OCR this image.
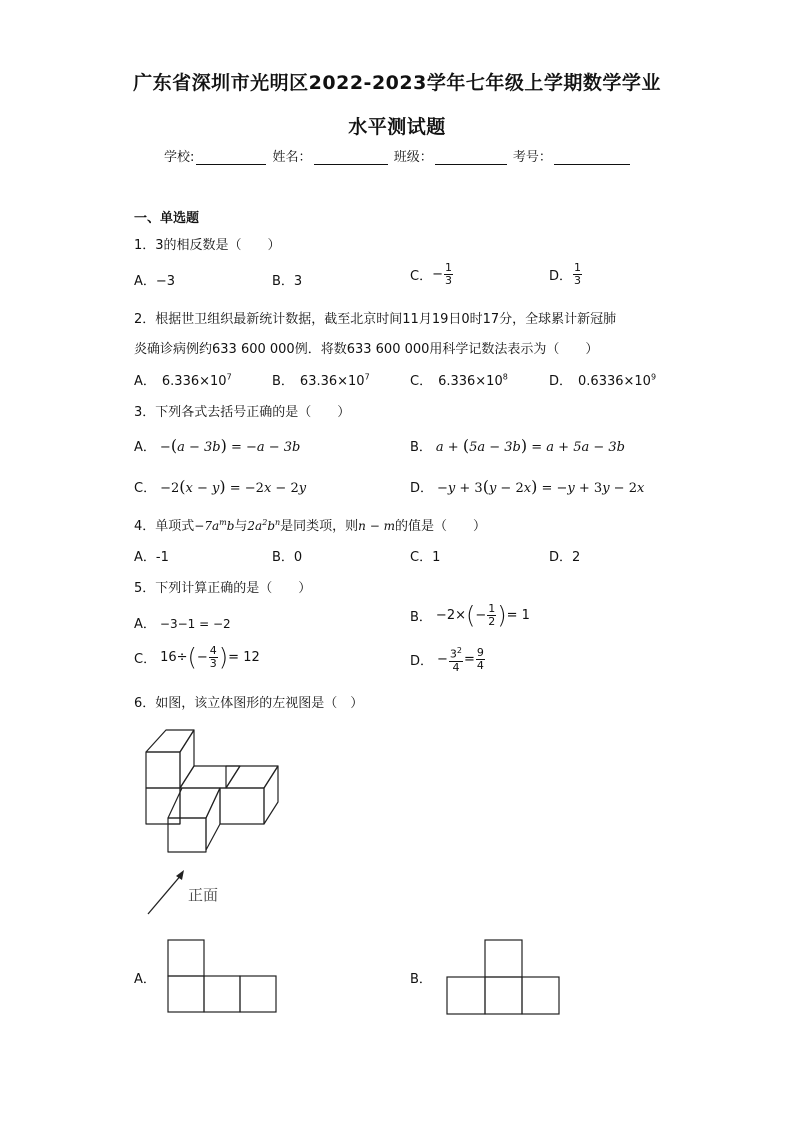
广东省深圳市光明区2022-2023学年七年级上学期数学学业
水平测试题
学校:	姓名：	班级：	考号：
一、单选题
1．3的相反数是（　　）
A．−3	B．3	C．− $\frac{1}{3}$	D． $\frac{1}{3}$
2．根据世卫组织最新统计数据，截至北京时间11月19日0时17分，全球累计新冠肺
炎确诊病例约633 600 000例．将数633 600 000用科学记数法表示为（　　）
A． $6.336\times 10^7$	B． $63.36\times 10^7$	C． $6.336\times 10^8$	D． $0.6336\times 10^9$
3．下列各式去括号正确的是（　　）
A． −(a − 3b) = −a − 3b	B． a + (5a − 3b) = a + 5a − 3b
C． −2(x − y) = −2x − 2y	D． −y + 3(y − 2x) = −y + 3y − 2x
4．单项式$-7a^mb$与$2a^2b^n$是同类项，则n − m的值是（　　）
A．-1	B．0	C．1	D．2
5．下列计算正确的是（　　）
A． −3−1 = −2	B． $-2\times(- \frac{1}{2}$ )= 1
C． $16\div(- \frac{4}{3}$ )= 12	D． − $\frac{3^2}{4} = \frac{9}{4}$
6．如图，该立体图形的左视图是（　）
正面
A．	B．
